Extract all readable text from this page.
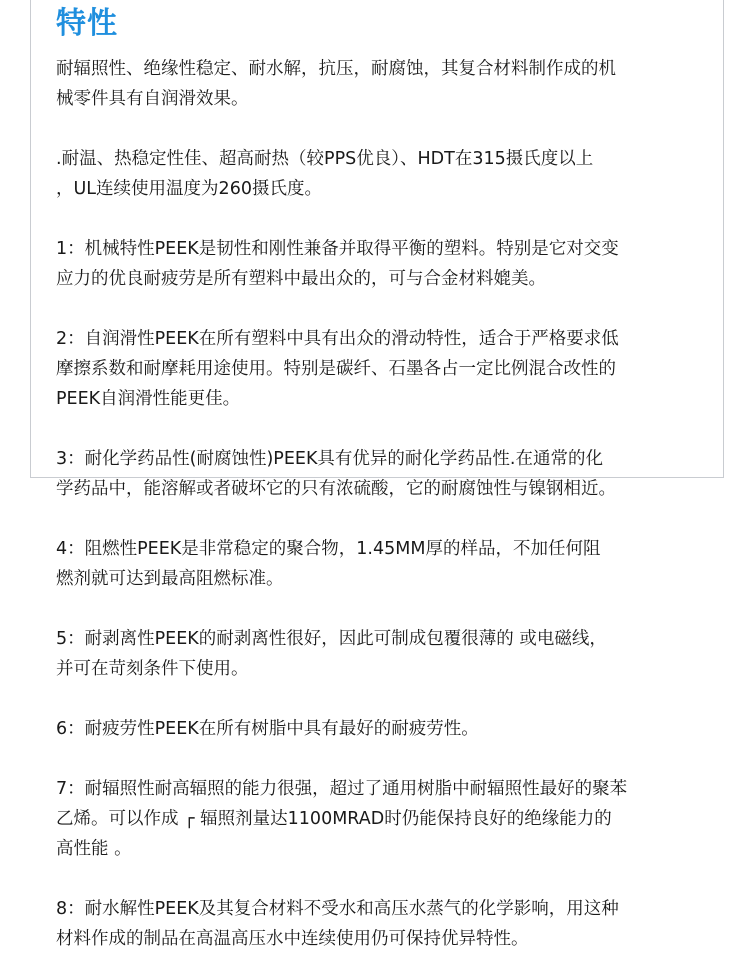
特性

耐辐照性、绝缘性稳定、耐水解，抗压，耐腐蚀，其复合材料制作成的机
械零件具有自润滑效果。

.耐温、热稳定性佳、超高耐热（较PPS优良）、HDT在315摄氏度以上
，UL连续使用温度为260摄氏度。

1：机械特性PEEK是韧性和刚性兼备并取得平衡的塑料。特别是它对交变
应力的优良耐疲劳是所有塑料中最出众的，可与合金材料媲美。

2：自润滑性PEEK在所有塑料中具有出众的滑动特性，适合于严格要求低
摩擦系数和耐摩耗用途使用。特别是碳纤、石墨各占一定比例混合改性的
PEEK自润滑性能更佳。

3：耐化学药品性(耐腐蚀性)PEEK具有优异的耐化学药品性.在通常的化
学药品中，能溶解或者破坏它的只有浓硫酸，它的耐腐蚀性与镍钢相近。

4：阻燃性PEEK是非常稳定的聚合物，1.45MM厚的样品，不加任何阻
燃剂就可达到最高阻燃标准。

5：耐剥离性PEEK的耐剥离性很好，因此可制成包覆很薄的 或电磁线，
并可在苛刻条件下使用。

6：耐疲劳性PEEK在所有树脂中具有最好的耐疲劳性。

7：耐辐照性耐高辐照的能力很强，超过了通用树脂中耐辐照性最好的聚苯
乙烯。可以作成 ┌ 辐照剂量达1100MRAD时仍能保持良好的绝缘能力的
高性能 。

8：耐水解性PEEK及其复合材料不受水和高压水蒸气的化学影响，用这种
材料作成的制品在高温高压水中连续使用仍可保持优异特性。
